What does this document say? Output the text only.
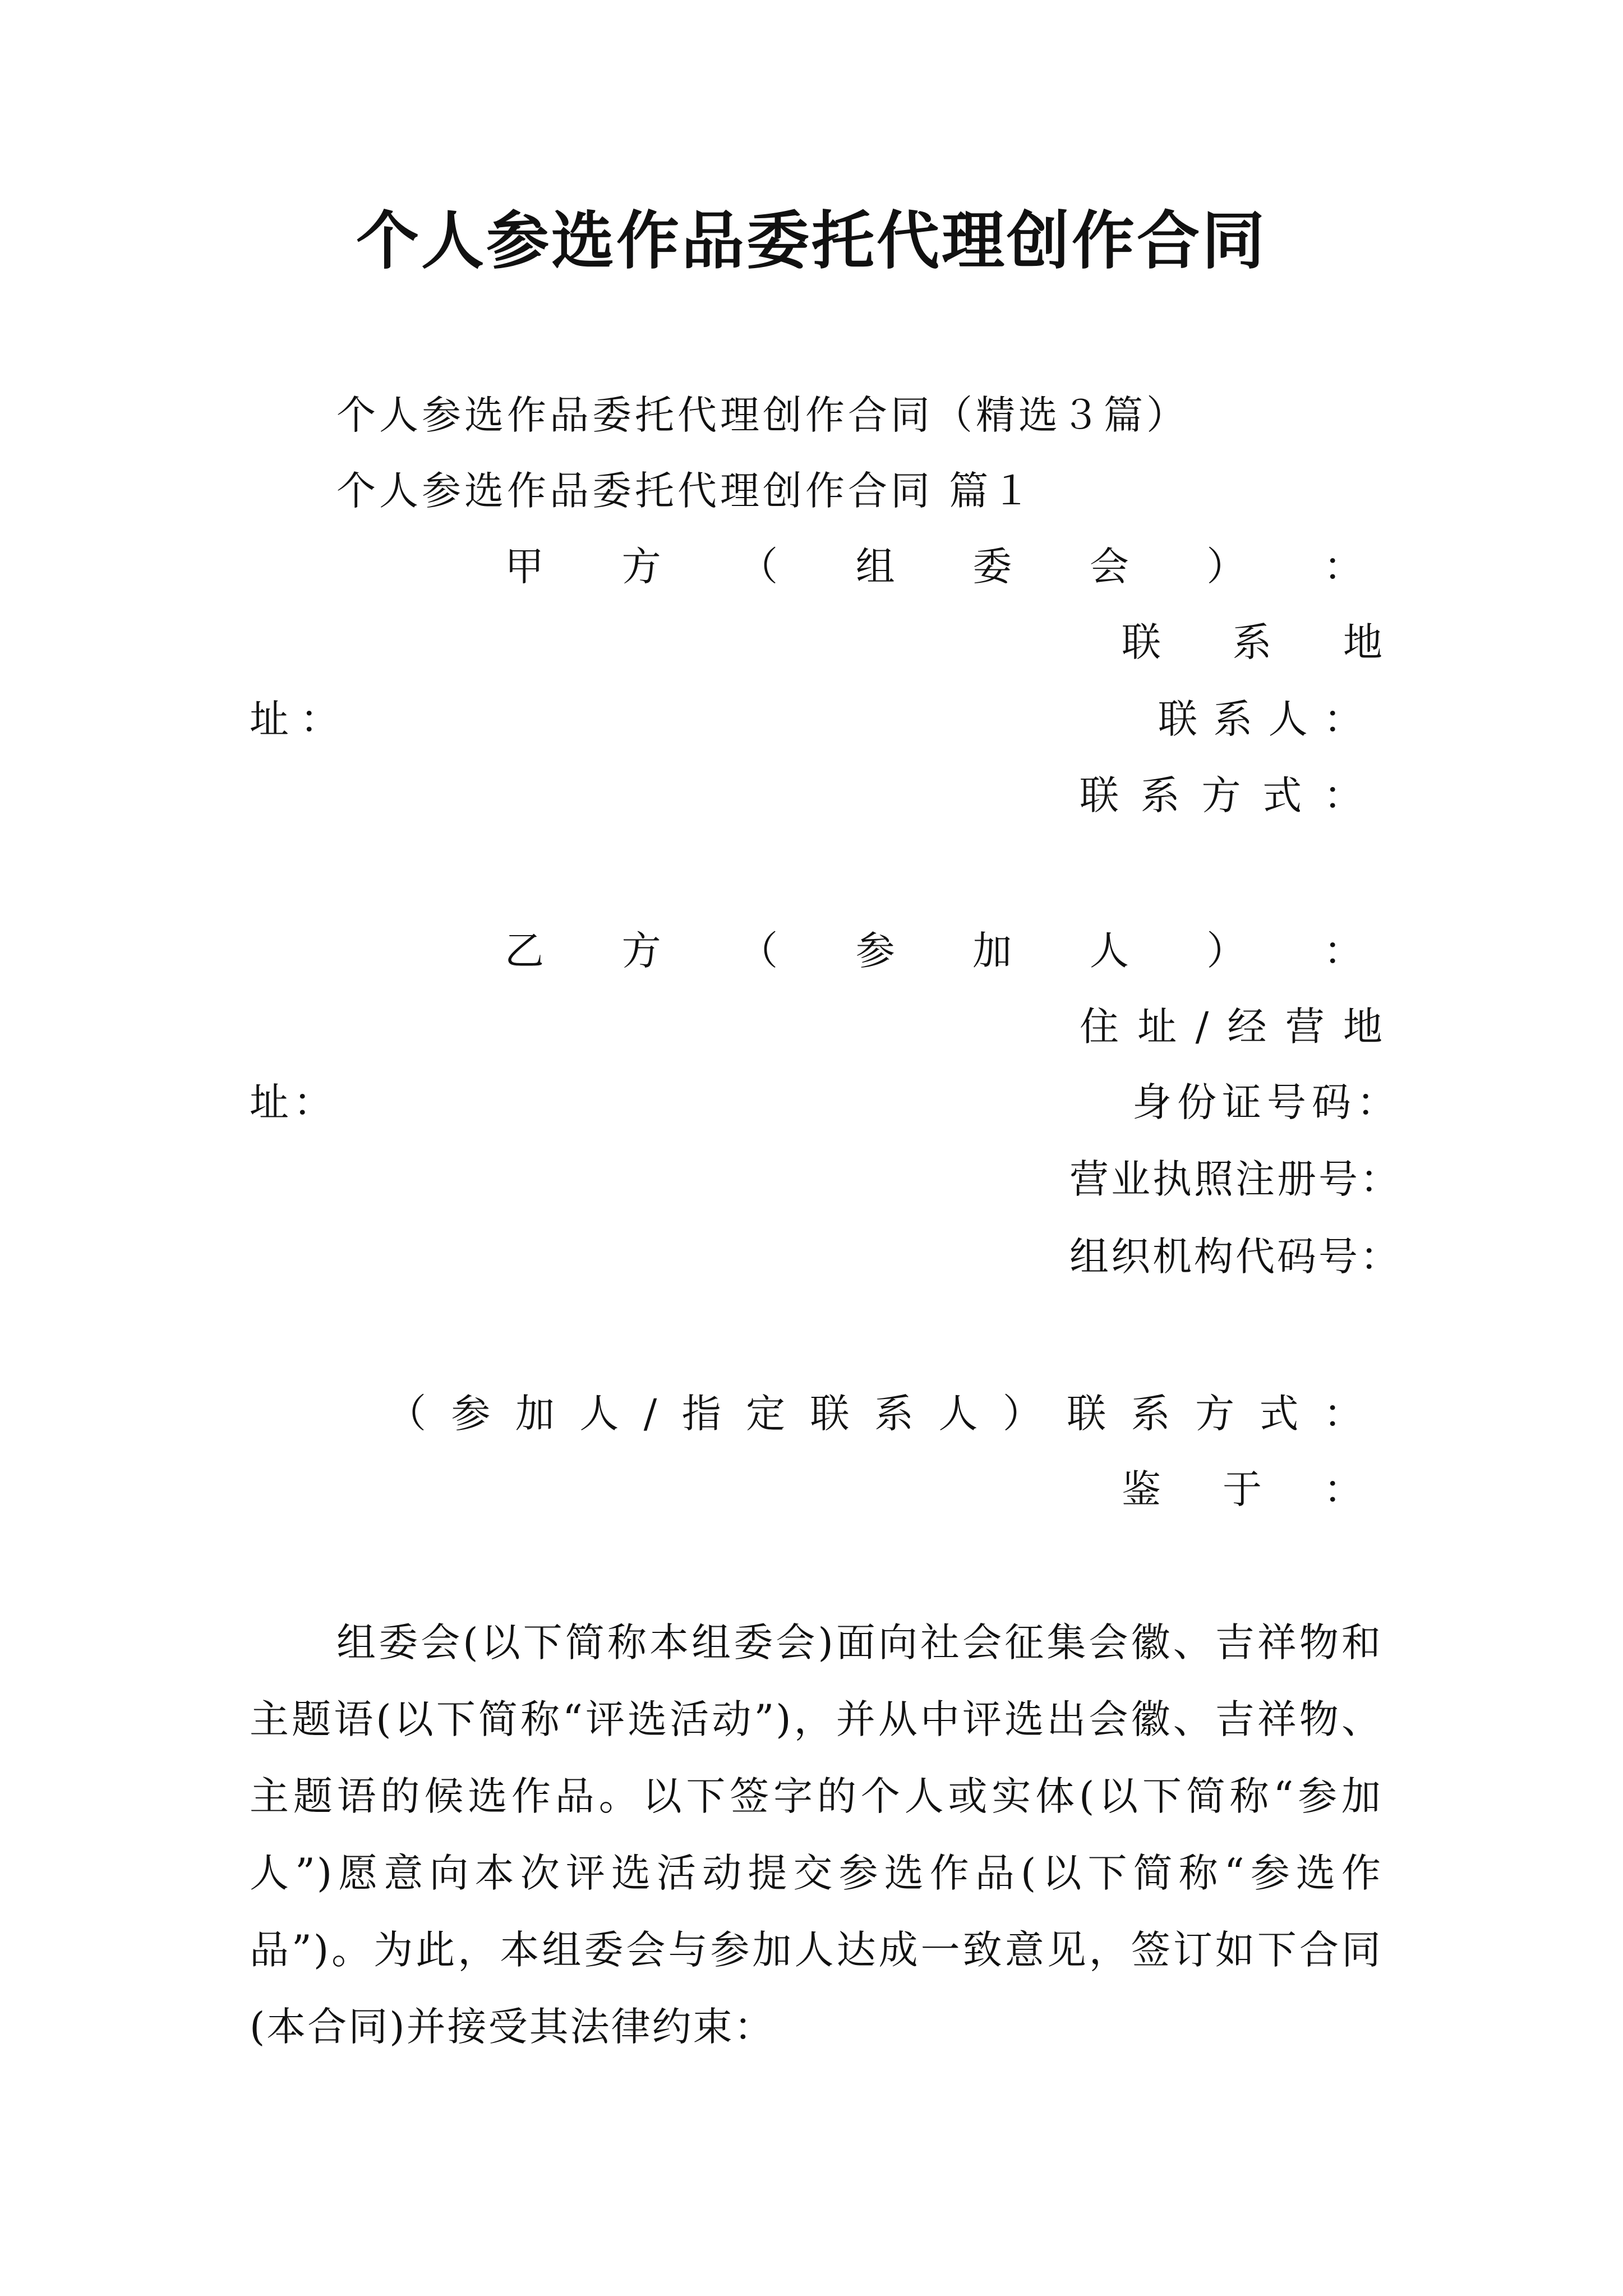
个人参选作品委托代理创作合同
个人参选作品委托代理创作合同（精选３篇）
个人参选作品委托代理创作合同 篇１
甲 方 （ 组 委 会 ） ：
联 系 地
址：	联 系 人 ：
联 系 方 式 ：
乙 方 （ 参 加 人 ） ：
住 址 / 经 营 地
址：	身份证号码：
营业执照注册号：
组织机构代码号：
（ 参 加 人 / 指 定 联 系 人 ） 联 系 方 式 ：
鉴 于 ：
组委会(以下简称本组委会)面向社会征集会徽、吉祥物和主题语(以下简称“评选活动”)，并从中评选出会徽、吉祥物、主题语的候选作品。以下签字的个人或实体(以下简称“参加人”)愿意向本次评选活动提交参选作品(以下简称“参选作品”)。为此，本组委会与参加人达成一致意见，签订如下合同(本合同)并接受其法律约束：
